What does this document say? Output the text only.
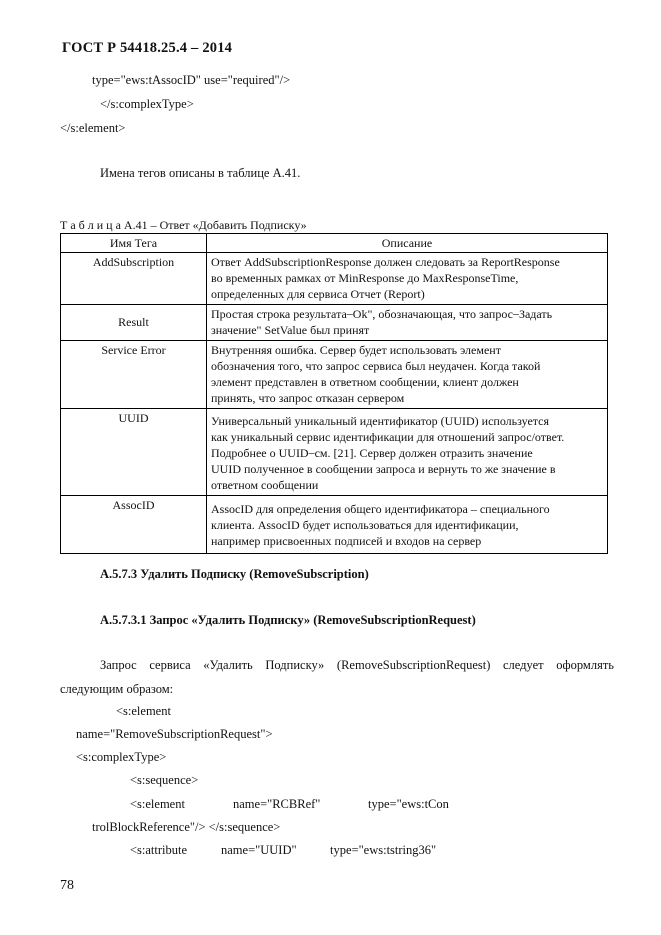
ГОСТ Р 54418.25.4 – 2014
type="ews:tAssocID" use="required"/>
</s:complexType>
</s:element>
Имена тегов описаны в таблице А.41.
Т а б л и ц а А.41 – Ответ «Добавить Подписку»
Имя Тега	Описание
AddSubscription	Ответ AddSubscriptionResponse должен следовать за ReportResponse
во временных рамках от MinResponse до MaxResponseTime,
определенных для сервиса Отчет (Report)

Result	Простая строка результата ̶ Ok", обозначающая, что запрос ̶ Задать
значение" SetValue был принят

Service Error	Внутренняя ошибка. Сервер будет использовать элемент
обозначения того, что запрос сервиса был неудачен. Когда такой
элемент представлен в ответном сообщении, клиент должен
принять, что запрос отказан сервером

UUID	Универсальный уникальный идентификатор (UUID) используется
как уникальный сервис идентификации для отношений запрос/ответ.
Подробнее о UUID ̶ см. [21]. Сервер должен отразить значение
UUID полученное в сообщении запроса и вернуть то же значение в
ответном сообщении

AssocID	AssocID для определения общего идентификатора – специального
клиента. AssocID будет использоваться для идентификации,
например присвоенных подписей и входов на сервер
А.5.7.3 Удалить Подписку (RemoveSubscription)
А.5.7.3.1 Запрос «Удалить Подписку» (RemoveSubscriptionRequest)
Запрос сервиса «Удалить Подписку» (RemoveSubscriptionRequest) следует оформлять
следующим образом:
<s:element
name="RemoveSubscriptionRequest">
<s:complexType>
<s:sequence>
<s:element	name="RCBRef"	type="ews:tCon
trolBlockReference"/> </s:sequence>
<s:attribute	name="UUID"	type="ews:tstring36"
78
